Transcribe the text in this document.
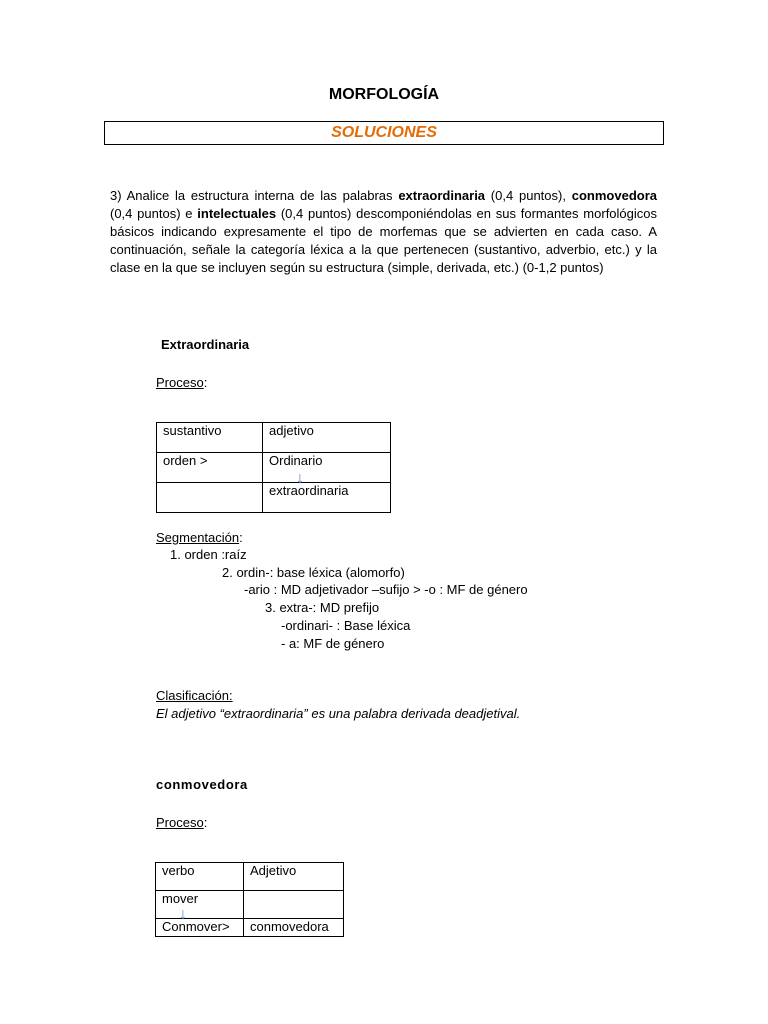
MORFOLOGÍA
SOLUCIONES
3) Analice la estructura interna de las palabras extraordinaria (0,4 puntos), conmovedora (0,4 puntos) e intelectuales (0,4 puntos) descomponiéndolas en sus formantes morfológicos básicos indicando expresamente el tipo de morfemas que se advierten en cada caso. A continuación, señale la categoría léxica a la que pertenecen (sustantivo, adverbio, etc.) y la clase en la que se incluyen según su estructura (simple, derivada, etc.) (0-1,2 puntos)
Extraordinaria
Proceso:
sustantivo	adjetivo
orden >	Ordinario
↓

	extraordinaria
Segmentación:
1. orden :raíz
2. ordin-: base léxica (alomorfo)
-ario : MD adjetivador –sufijo > -o : MF de género
3. extra-: MD prefijo
-ordinari- : Base léxica
- a: MF de género
Clasificación:
El adjetivo “extraordinaria” es una palabra derivada deadjetival.
conmovedora
Proceso:
verbo	Adjetivo
mover
↓	

Conmover>	conmovedora
